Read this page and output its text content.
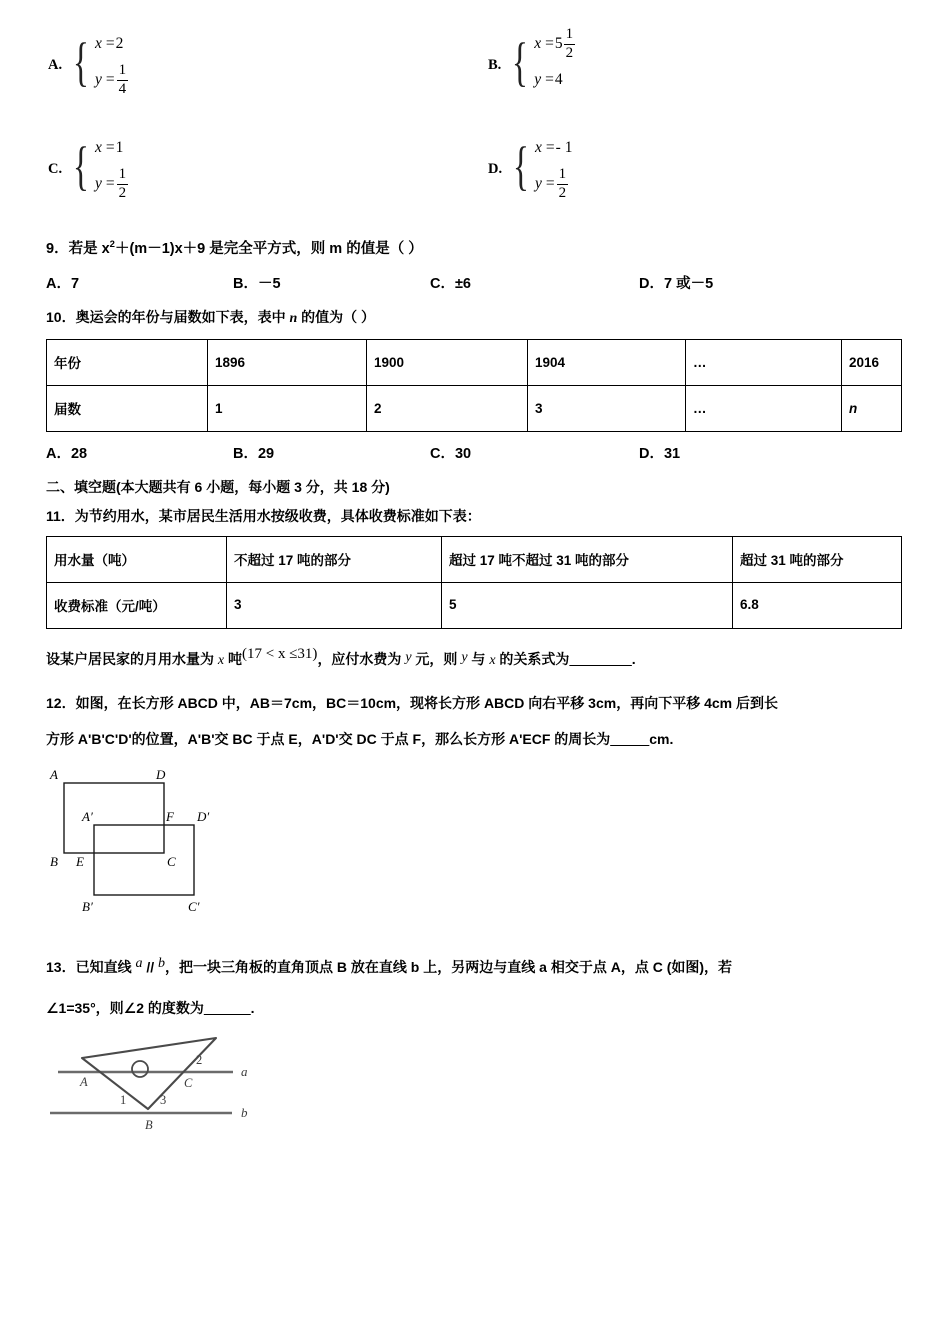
A. { x = 2
$y = \frac{1}{4}$	B. { $x = 5 \frac{1}{2}$
y = 4
C. { x = 1
$y = \frac{1}{2}$	D. { x = - 1
$y = \frac{1}{2}$

9．若是 $x^2+(m-1)x+9$ 是完全平方式，则 m 的值是（ ）

A．7	B．－5	C．±6	D．7 或－5

10．奥运会的年份与届数如下表，表中 n 的值为（ ）

年份	1896	1900	1904	…	2016
届数	1	2	3	…	n
A．28	B．29	C．30	D．31

二、填空题(本大题共有 6 小题，每小题 3 分，共 18 分)

11．为节约用水，某市居民生活用水按级收费，具体收费标准如下表：

用水量（吨）	不超过 17 吨的部分	超过 17 吨不超过 31 吨的部分	超过 31 吨的部分
收费标准（元/吨）	3	5	6.8

设某户居民家的月用水量为 x 吨(17 < x ≤31)，应付水费为 y 元，则 y 与 x 的关系式为________.

12．如图，在长方形 ABCD 中，AB＝7cm，BC＝10cm，现将长方形 ABCD 向右平移 3cm，再向下平移 4cm 后到长

方形 A'B'C'D'的位置，A'B'交 BC 于点 E，A'D'交 DC 于点 F，那么长方形 A'ECF 的周长为_____cm.

A	D
B	C
A′	D′
B′	C′
E
F

13．已知直线 a // b，把一块三角板的直角顶点 B 放在直线 b 上，另两边与直线 a 相交于点 A，点 C (如图)，若

∠1=35°，则∠2 的度数为______.

A
B
C
1
2
3
a
b
